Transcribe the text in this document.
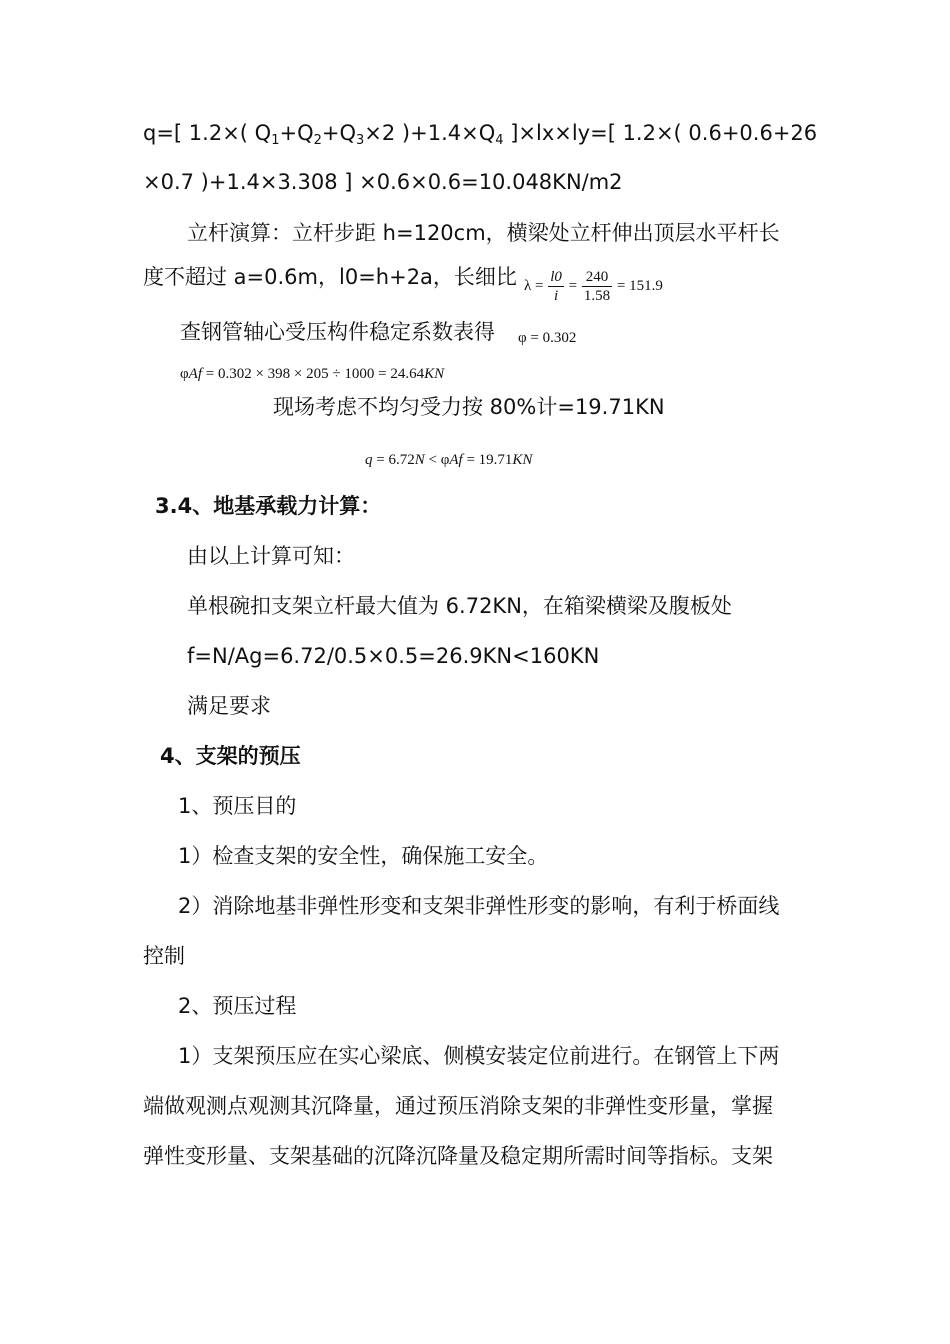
q=[ 1.2×( $Q_1+Q_2+Q_3\times 2$ )$+1.4\times Q_4$ ]×lx×ly=[ 1.2×( 0.6+0.6+26
×0.7 )+1.4×3.308 ] ×0.6×0.6=10.048KN/m2
立杆演算：立杆步距 h=120cm，横梁处立杆伸出顶层水平杆长
度不超过 a=0.6m，l0=h+2a，长细比 $\lambda = \frac{l0}{i} = \frac{240}{1.58} = 151.9$
查钢管轴心受压构件稳定系数表得 φ = 0.302
φAf = 0.302 × 398 × 205 ÷ 1000 = 24.64KN
现场考虑不均匀受力按 80%计=19.71KN
q = 6.72N < φAf = 19.71KN
3.4、地基承载力计算：
由以上计算可知：
单根碗扣支架立杆最大值为 6.72KN，在箱梁横梁及腹板处
f=N/Ag=6.72/0.5×0.5=26.9KN<160KN
满足要求
4、支架的预压
1、预压目的
1）检查支架的安全性，确保施工安全。
2）消除地基非弹性形变和支架非弹性形变的影响，有利于桥面线
控制
2、预压过程
1）支架预压应在实心梁底、侧模安装定位前进行。在钢管上下两
端做观测点观测其沉降量，通过预压消除支架的非弹性变形量，掌握
弹性变形量、支架基础的沉降沉降量及稳定期所需时间等指标。支架
